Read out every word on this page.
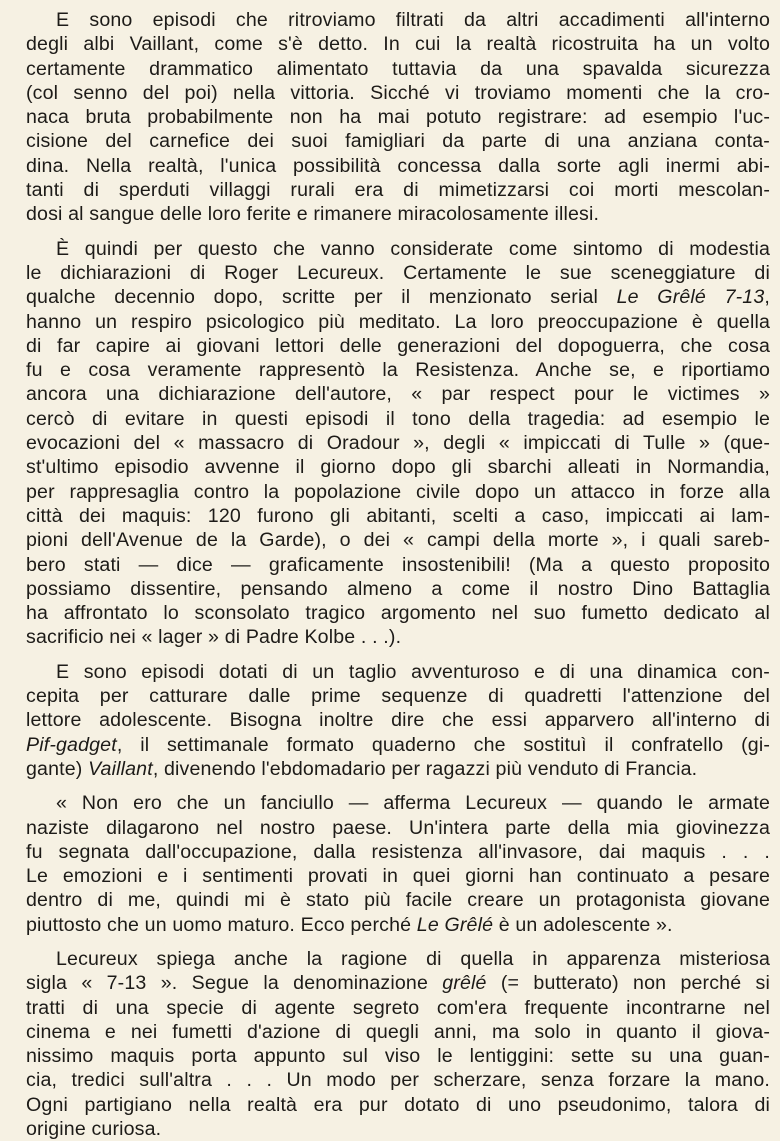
E sono episodi che ritroviamo filtrati da altri accadimenti all'interno
degli albi Vaillant, come s'è detto. In cui la realtà ricostruita ha un volto
certamente drammatico alimentato tuttavia da una spavalda sicurezza
(col senno del poi) nella vittoria. Sicché vi troviamo momenti che la cro-
naca bruta probabilmente non ha mai potuto registrare: ad esempio l'uc-
cisione del carnefice dei suoi famigliari da parte di una anziana conta-
dina. Nella realtà, l'unica possibilità concessa dalla sorte agli inermi abi-
tanti di sperduti villaggi rurali era di mimetizzarsi coi morti mescolan-
dosi al sangue delle loro ferite e rimanere miracolosamente illesi.

È quindi per questo che vanno considerate come sintomo di modestia
le dichiarazioni di Roger Lecureux. Certamente le sue sceneggiature di
qualche decennio dopo, scritte per il menzionato serial Le Grêlé 7-13,
hanno un respiro psicologico più meditato. La loro preoccupazione è quella
di far capire ai giovani lettori delle generazioni del dopoguerra, che cosa
fu e cosa veramente rappresentò la Resistenza. Anche se, e riportiamo
ancora una dichiarazione dell'autore, « par respect pour le victimes »
cercò di evitare in questi episodi il tono della tragedia: ad esempio le
evocazioni del « massacro di Oradour », degli « impiccati di Tulle » (que-
st'ultimo episodio avvenne il giorno dopo gli sbarchi alleati in Normandia,
per rappresaglia contro la popolazione civile dopo un attacco in forze alla
città dei maquis: 120 furono gli abitanti, scelti a caso, impiccati ai lam-
pioni dell'Avenue de la Garde), o dei « campi della morte », i quali sareb-
bero stati — dice — graficamente insostenibili! (Ma a questo proposito
possiamo dissentire, pensando almeno a come il nostro Dino Battaglia
ha affrontato lo sconsolato tragico argomento nel suo fumetto dedicato al
sacrificio nei « lager » di Padre Kolbe . . .).

E sono episodi dotati di un taglio avventuroso e di una dinamica con-
cepita per catturare dalle prime sequenze di quadretti l'attenzione del
lettore adolescente. Bisogna inoltre dire che essi apparvero all'interno di
Pif-gadget, il settimanale formato quaderno che sostituì il confratello (gi-
gante) Vaillant, divenendo l'ebdomadario per ragazzi più venduto di Francia.

« Non ero che un fanciullo — afferma Lecureux — quando le armate
naziste dilagarono nel nostro paese. Un'intera parte della mia giovinezza
fu segnata dall'occupazione, dalla resistenza all'invasore, dai maquis . . .
Le emozioni e i sentimenti provati in quei giorni han continuato a pesare
dentro di me, quindi mi è stato più facile creare un protagonista giovane
piuttosto che un uomo maturo. Ecco perché Le Grêlé è un adolescente ».

Lecureux spiega anche la ragione di quella in apparenza misteriosa
sigla « 7-13 ». Segue la denominazione grêlé (= butterato) non perché si
tratti di una specie di agente segreto com'era frequente incontrarne nel
cinema e nei fumetti d'azione di quegli anni, ma solo in quanto il giova-
nissimo maquis porta appunto sul viso le lentiggini: sette su una guan-
cia, tredici sull'altra . . . Un modo per scherzare, senza forzare la mano.
Ogni partigiano nella realtà era pur dotato di uno pseudonimo, talora di
origine curiosa.
